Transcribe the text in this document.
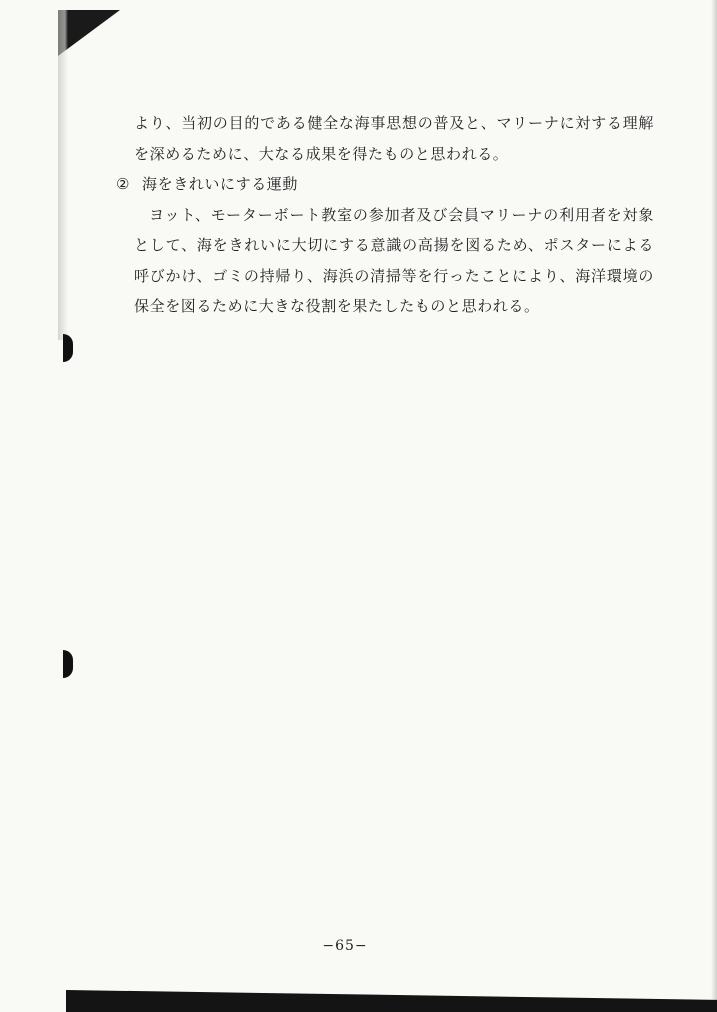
より、当初の目的である健全な海事思想の普及と、マリーナに対する理解
を深めるために、大なる成果を得たものと思われる。
② 海をきれいにする運動
ヨット、モーターボート教室の参加者及び会員マリーナの利用者を対象
として、海をきれいに大切にする意識の高揚を図るため、ポスターによる
呼びかけ、ゴミの持帰り、海浜の清掃等を行ったことにより、海洋環境の
保全を図るために大きな役割を果たしたものと思われる。
−65−
